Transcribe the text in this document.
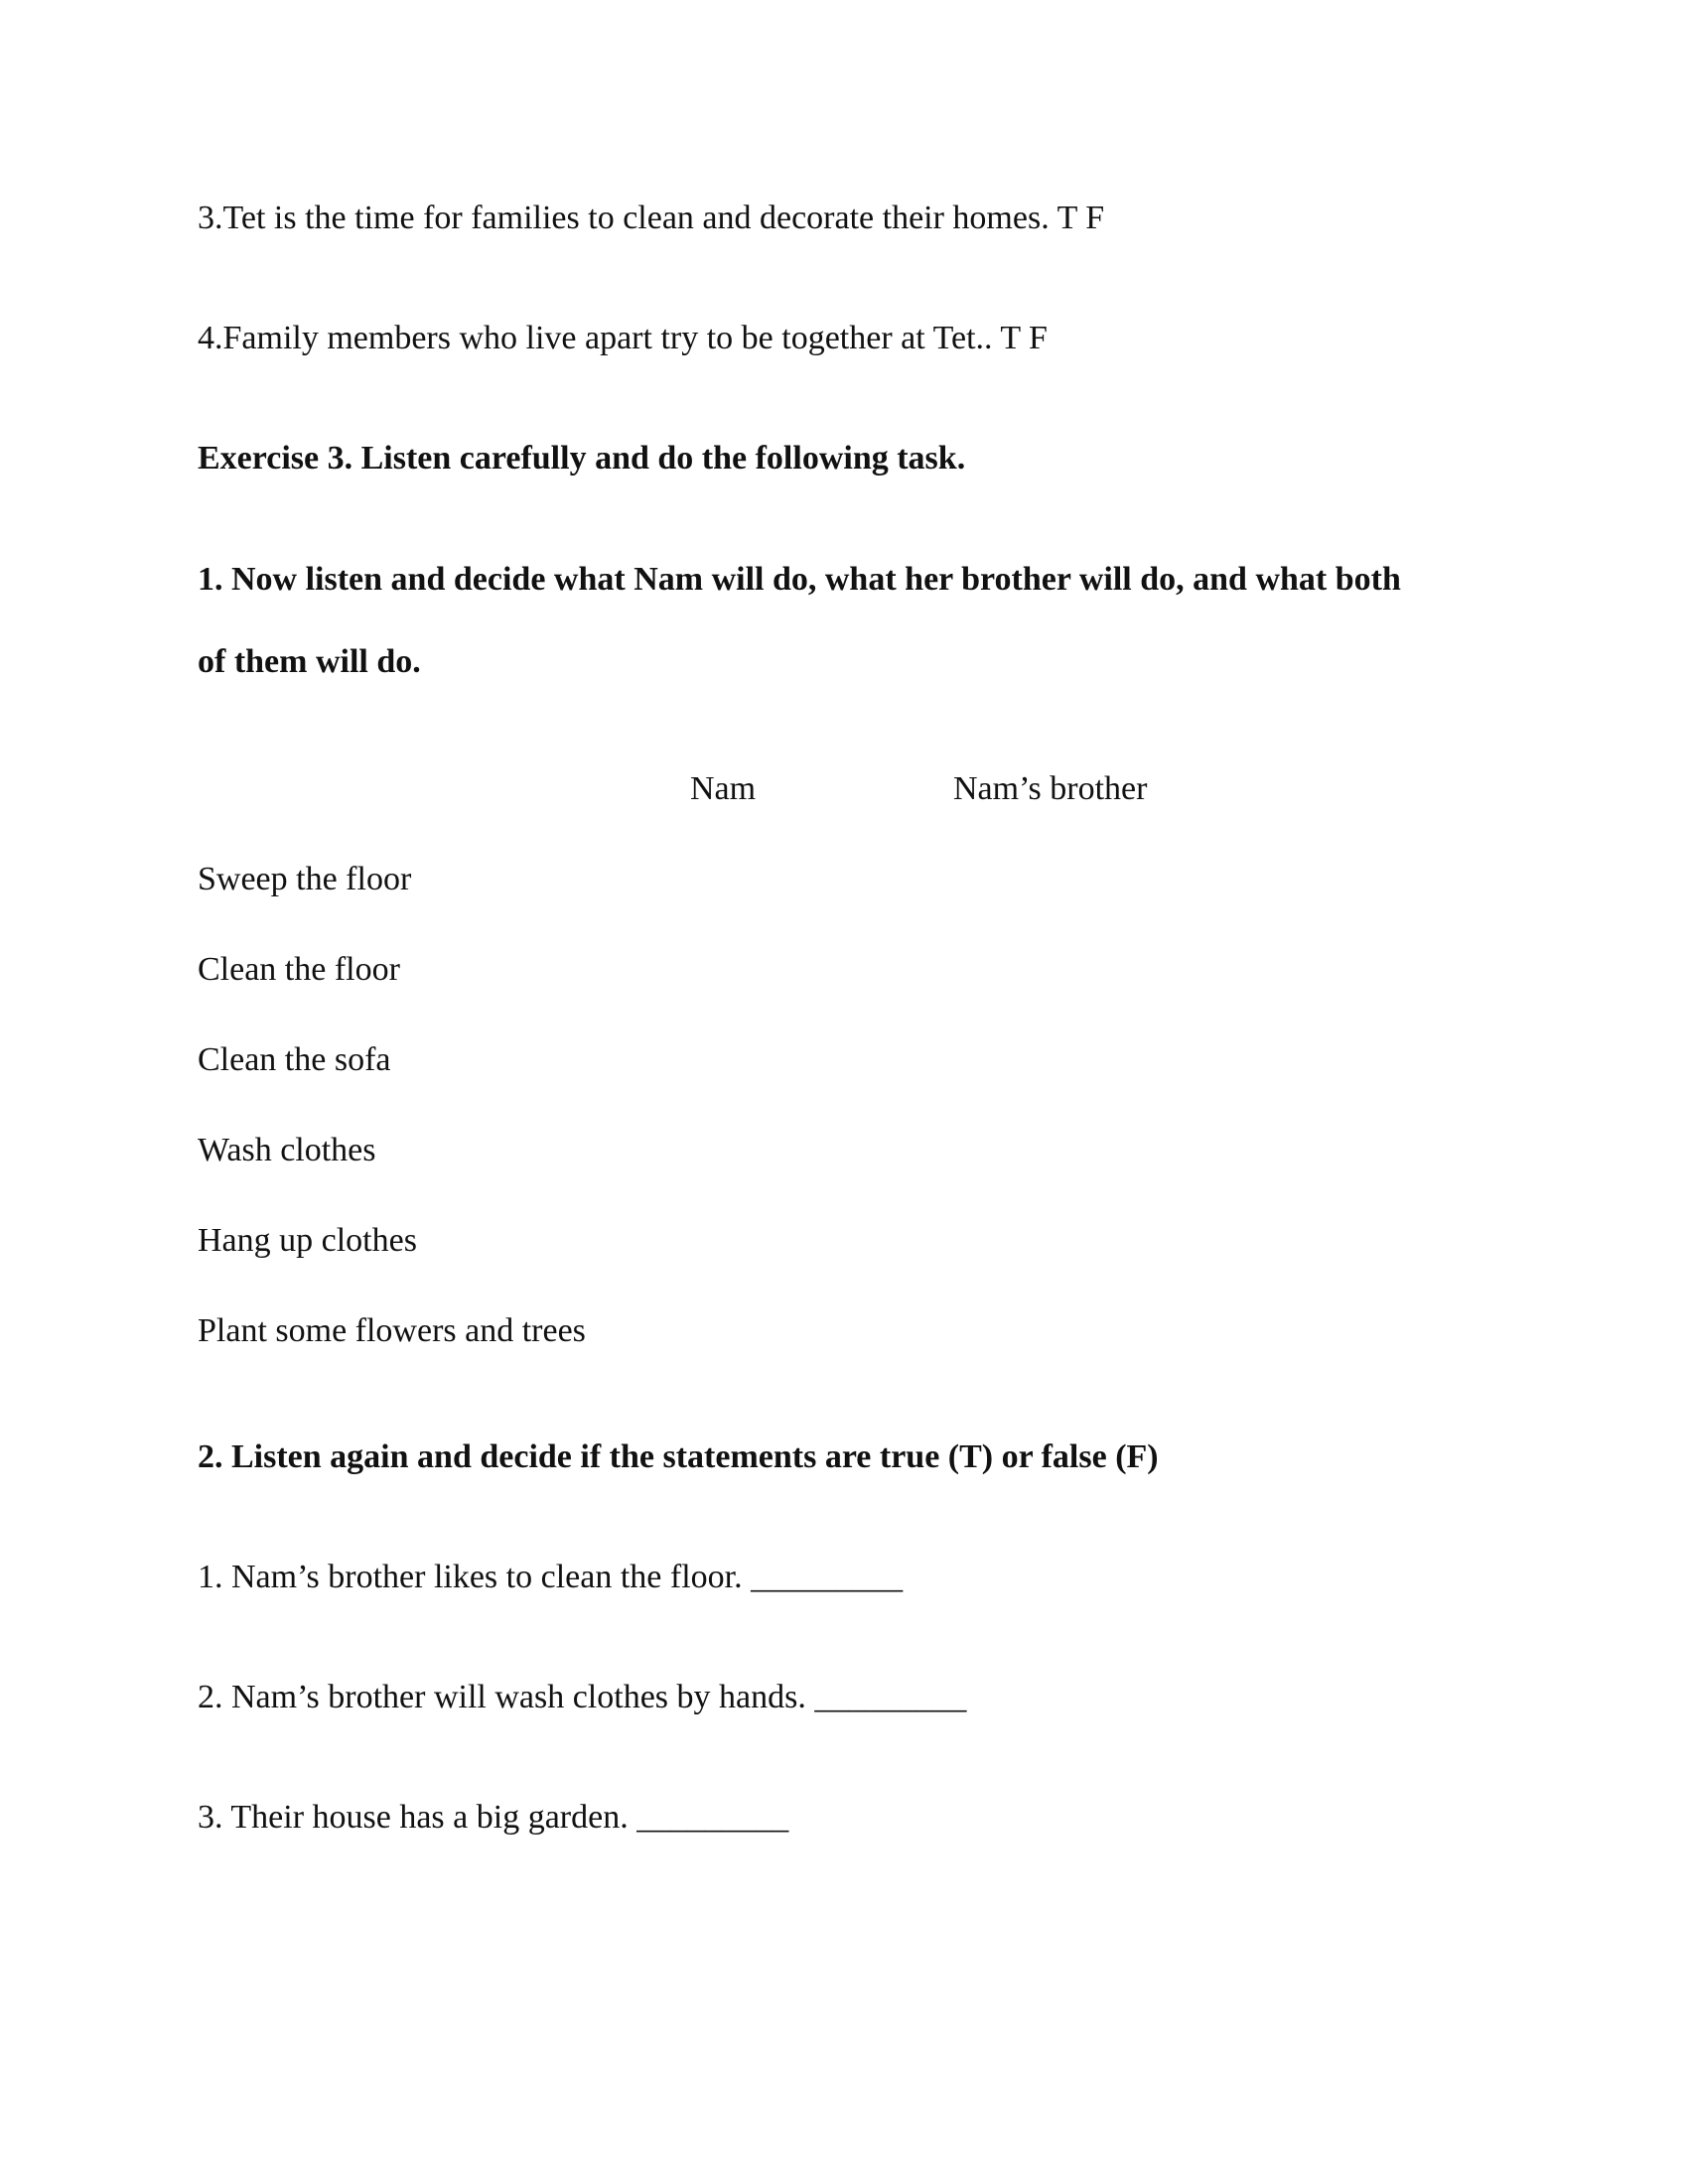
3.Tet is the time for families to clean and decorate their homes. T F
4.Family members who live apart try to be together at Tet.. T F
Exercise 3. Listen carefully and do the following task.
1. Now listen and decide what Nam will do, what her brother will do, and what both
of them will do.
Nam	Nam’s brother
Sweep the floor
Clean the floor
Clean the sofa
Wash clothes
Hang up clothes
Plant some flowers and trees
2. Listen again and decide if the statements are true (T) or false (F)
1. Nam’s brother likes to clean the floor. _________
2. Nam’s brother will wash clothes by hands. _________
3. Their house has a big garden. _________
